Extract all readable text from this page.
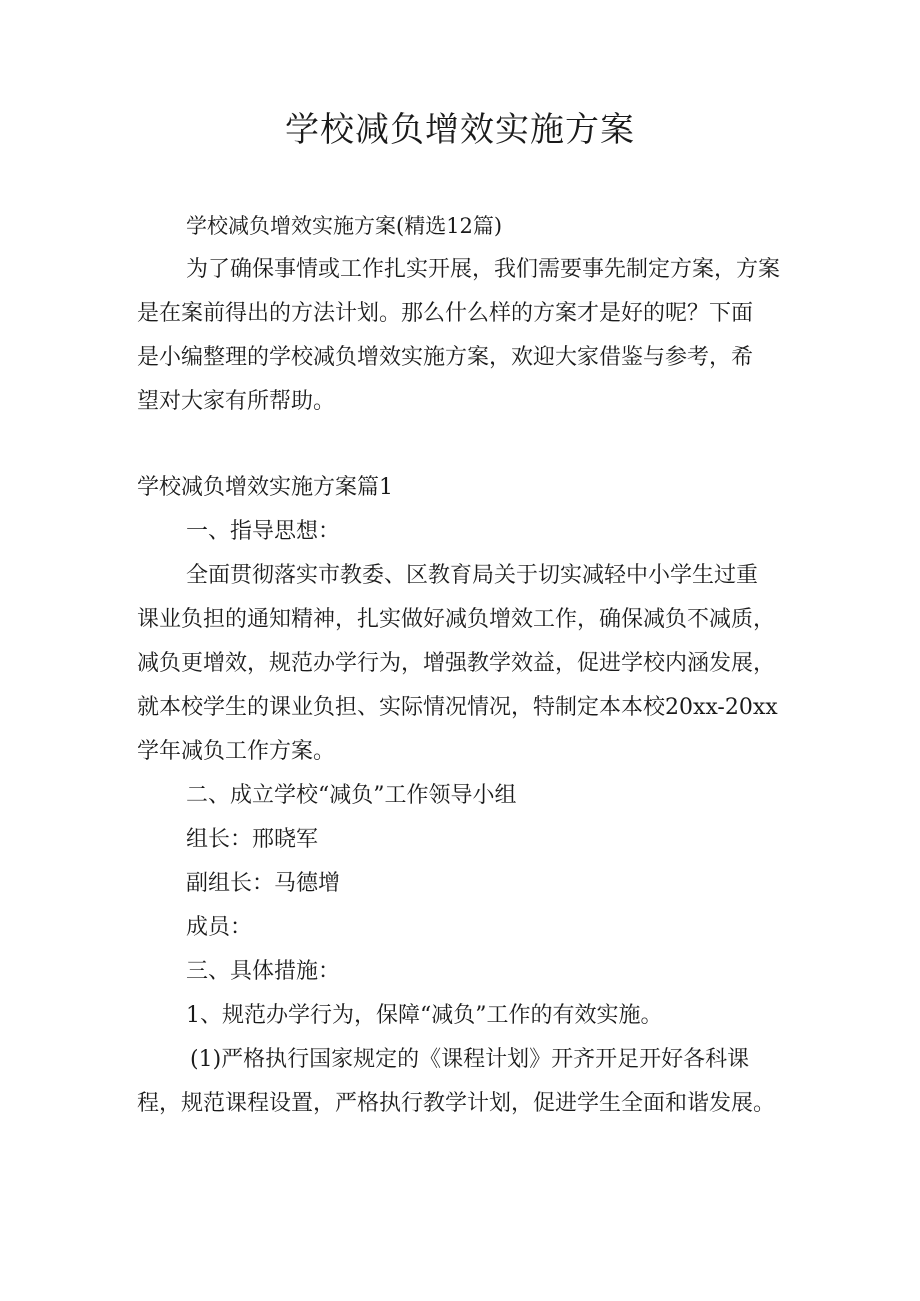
学校减负增效实施方案

学校减负增效实施方案(精选12篇)

为了确保事情或工作扎实开展，我们需要事先制定方案，方案

是在案前得出的方法计划。那么什么样的方案才是好的呢？下面

是小编整理的学校减负增效实施方案，欢迎大家借鉴与参考，希

望对大家有所帮助。

学校减负增效实施方案篇1

一、指导思想：

全面贯彻落实市教委、区教育局关于切实减轻中小学生过重

课业负担的通知精神，扎实做好减负增效工作，确保减负不减质，

减负更增效，规范办学行为，增强教学效益，促进学校内涵发展，

就本校学生的课业负担、实际情况情况，特制定本本校20xx-20xx

学年减负工作方案。

二、成立学校“减负”工作领导小组

组长：邢晓军

副组长：马德增

成员：

三、具体措施：

1、规范办学行为，保障“减负”工作的有效实施。

(1)严格执行国家规定的《课程计划》开齐开足开好各科课

程，规范课程设置，严格执行教学计划，促进学生全面和谐发展。
